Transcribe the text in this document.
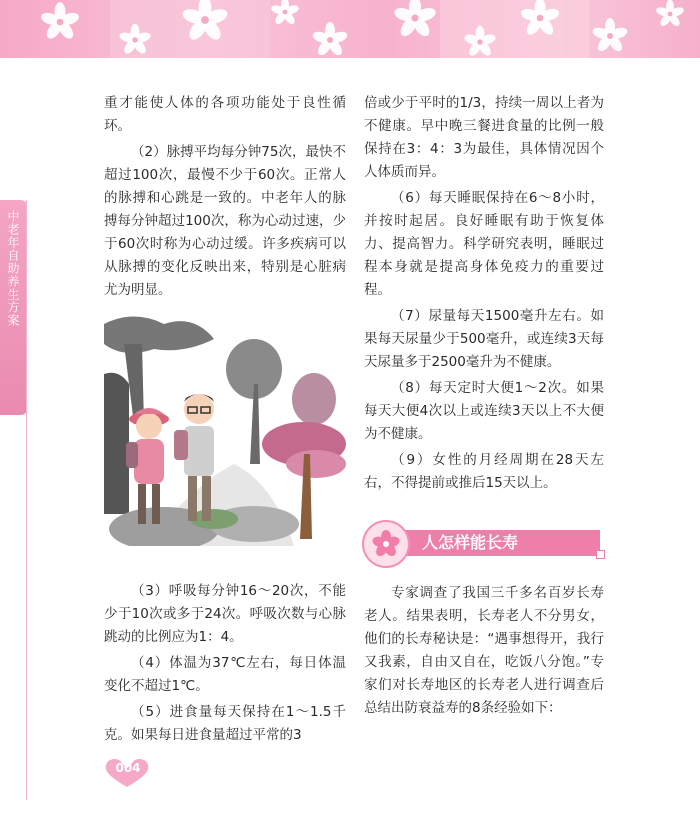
中老年自助养生方案

重才能使人体的各项功能处于良性循环。

（2）脉搏平均每分钟75次，最快不超过100次，最慢不少于60次。正常人的脉搏和心跳是一致的。中老年人的脉搏每分钟超过100次，称为心动过速，少于60次时称为心动过缓。许多疾病可以从脉搏的变化反映出来，特别是心脏病尤为明显。

（3）呼吸每分钟16～20次，不能少于10次或多于24次。呼吸次数与心脉跳动的比例应为1：4。

（4）体温为37℃左右，每日体温变化不超过1℃。

（5）进食量每天保持在1～1.5千克。如果每日进食量超过平常的3

倍或少于平时的1/3，持续一周以上者为不健康。早中晚三餐进食量的比例一般保持在3：4：3为最佳，具体情况因个人体质而异。

（6）每天睡眠保持在6～8小时，并按时起居。良好睡眠有助于恢复体力、提高智力。科学研究表明，睡眠过程本身就是提高身体免疫力的重要过程。

（7）尿量每天1500毫升左右。如果每天尿量少于500毫升，或连续3天每天尿量多于2500毫升为不健康。

（8）每天定时大便1～2次。如果每天大便4次以上或连续3天以上不大便为不健康。

（9）女性的月经周期在28天左右，不得提前或推后15天以上。

人怎样能长寿

专家调查了我国三千多名百岁长寿老人。结果表明，长寿老人不分男女，他们的长寿秘诀是：“遇事想得开，我行又我素，自由又自在，吃饭八分饱。”专家们对长寿地区的长寿老人进行调查后总结出防衰益寿的8条经验如下：

004
